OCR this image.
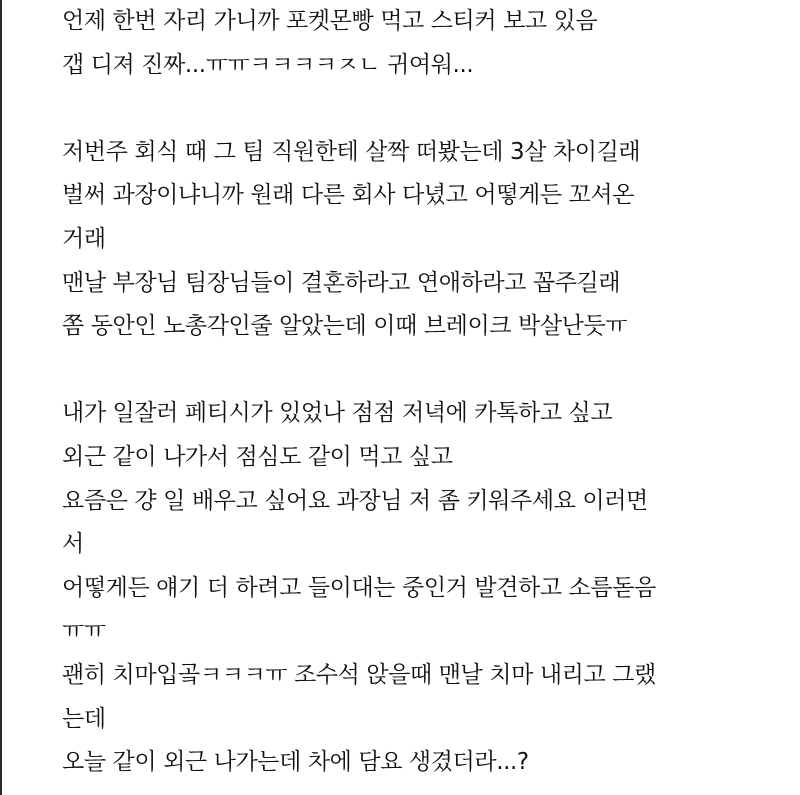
언제 한번 자리 가니까 포켓몬빵 먹고 스티커 보고 있음
갭 디져 진짜...ㅠㅠㅋㅋㅋㅋㅈㄴ 귀여워...
저번주 회식 때 그 팀 직원한테 살짝 떠봤는데 3살 차이길래
벌써 과장이냐니까 원래 다른 회사 다녔고 어떻게든 꼬셔온
거래
맨날 부장님 팀장님들이 결혼하라고 연애하라고 꼽주길래
쫌 동안인 노총각인줄 알았는데 이때 브레이크 박살난듯ㅠ
내가 일잘러 페티시가 있었나 점점 저녁에 카톡하고 싶고
외근 같이 나가서 점심도 같이 먹고 싶고
요즘은 걍 일 배우고 싶어요 과장님 저 좀 키워주세요 이러면
서
어떻게든 얘기 더 하려고 들이대는 중인거 발견하고 소름돋음
ㅠㅠ
괜히 치마입곸ㅋㅋㅋㅠ 조수석 앉을때 맨날 치마 내리고 그랬
는데
오늘 같이 외근 나가는데 차에 담요 생겼더라...?
